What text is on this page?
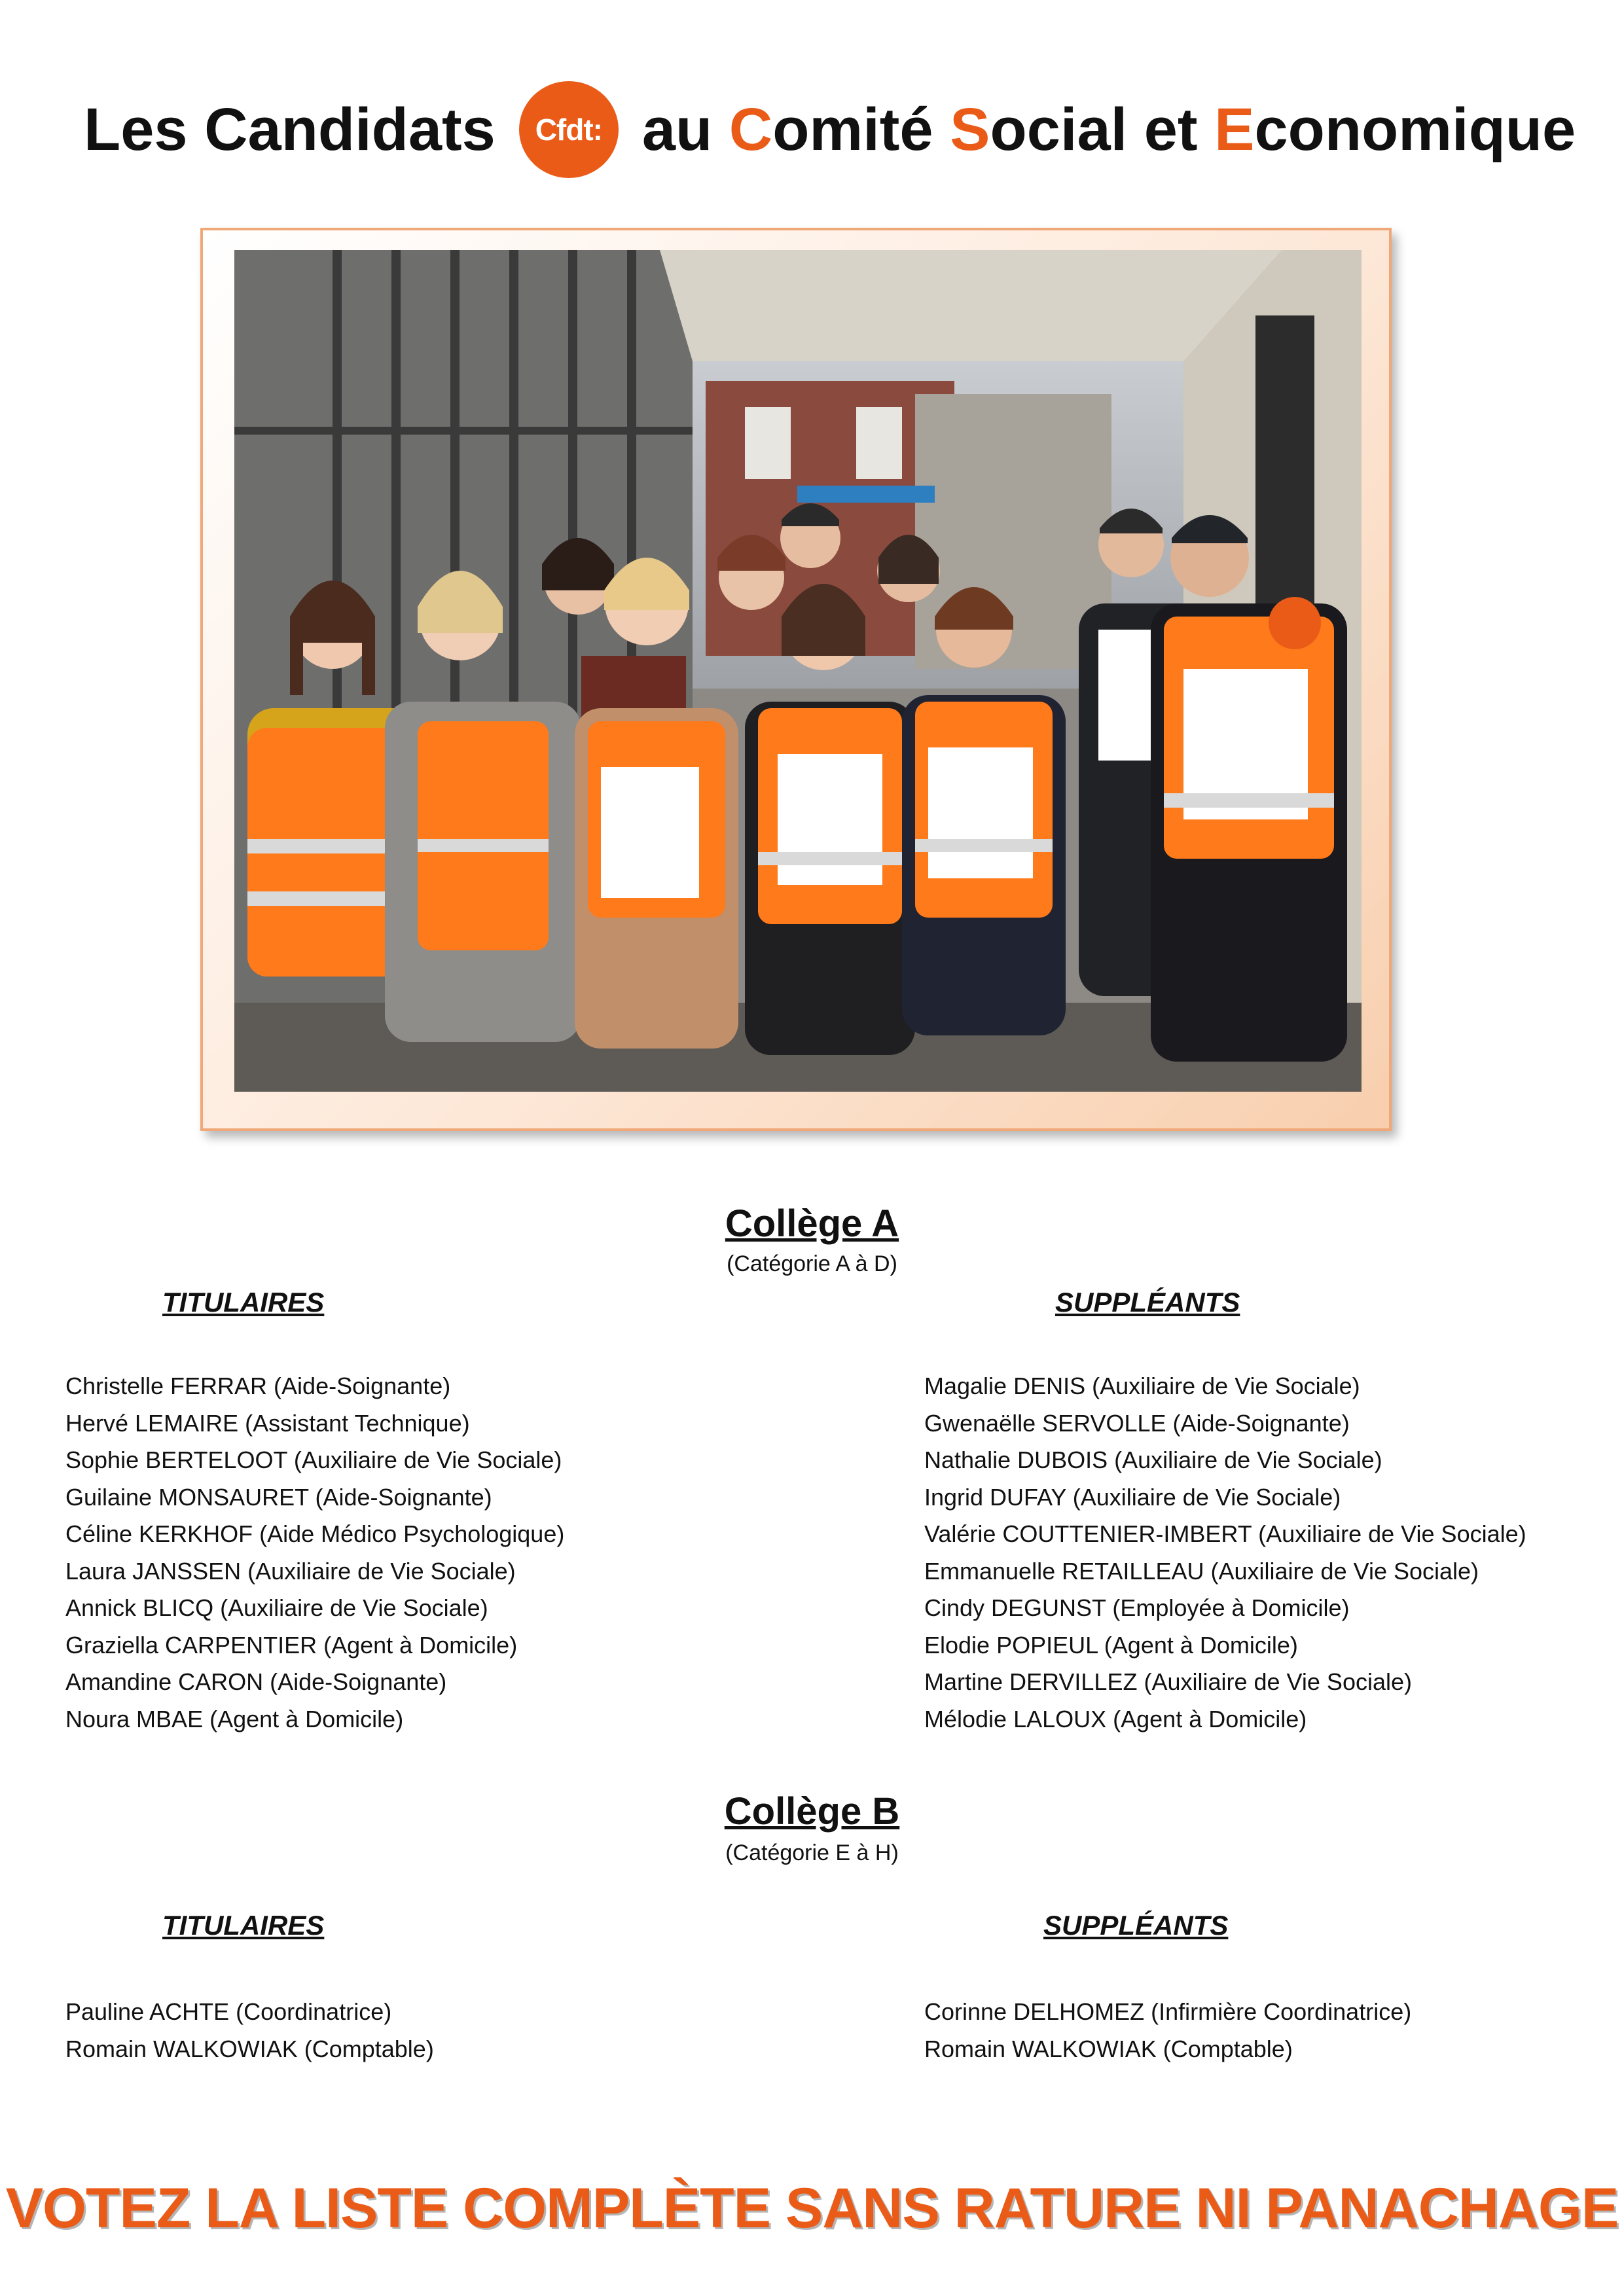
Les Candidats Cfdt: au Comité Social et Economique
Collège A
(Catégorie A à D)
TITULAIRES	SUPPLÉANTS
Christelle FERRAR (Aide-Soignante)
Hervé LEMAIRE (Assistant Technique)
Sophie BERTELOOT (Auxiliaire de Vie Sociale)
Guilaine MONSAURET (Aide-Soignante)
Céline KERKHOF (Aide Médico Psychologique)
Laura JANSSEN (Auxiliaire de Vie Sociale)
Annick BLICQ (Auxiliaire de Vie Sociale)
Graziella CARPENTIER (Agent à Domicile)
Amandine CARON (Aide-Soignante)
Noura MBAE (Agent à Domicile)
Magalie DENIS (Auxiliaire de Vie Sociale)
Gwenaëlle SERVOLLE (Aide-Soignante)
Nathalie DUBOIS (Auxiliaire de Vie Sociale)
Ingrid DUFAY (Auxiliaire de Vie Sociale)
Valérie COUTTENIER-IMBERT (Auxiliaire de Vie Sociale)
Emmanuelle RETAILLEAU (Auxiliaire de Vie Sociale)
Cindy DEGUNST (Employée à Domicile)
Elodie POPIEUL (Agent à Domicile)
Martine DERVILLEZ (Auxiliaire de Vie Sociale)
Mélodie LALOUX (Agent à Domicile)
Collège B
(Catégorie E à H)
TITULAIRES	SUPPLÉANTS
Pauline ACHTE (Coordinatrice)
Romain WALKOWIAK (Comptable)
Corinne DELHOMEZ (Infirmière Coordinatrice)
Romain WALKOWIAK (Comptable)
VOTEZ LA LISTE COMPLÈTE SANS RATURE NI PANACHAGE
